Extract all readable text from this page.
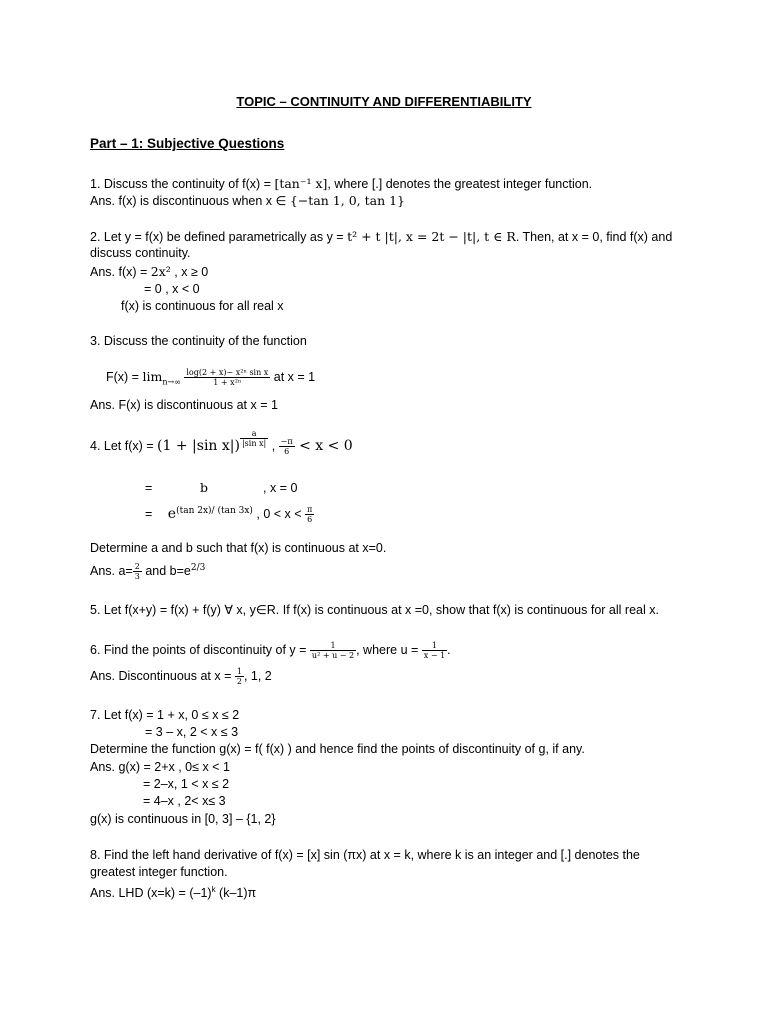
TOPIC – CONTINUITY AND DIFFERENTIABILITY
Part – 1: Subjective Questions
1. Discuss the continuity of f(x) = [tan⁻¹ x], where [.] denotes the greatest integer function.
Ans. f(x) is discontinuous when x ∈ {−tan 1, 0, tan 1}
2. Let y = f(x) be defined parametrically as y = t² + t |t|, x = 2t − |t|, t ∈ R. Then, at x = 0, find f(x) and
discuss continuity.
Ans. f(x) = 2x² , x ≥ 0
= 0 , x < 0
f(x) is continuous for all real x
3. Discuss the continuity of the function
$F(x) = \lim_{n\to\infty} \frac{\text{log(2 + x)− x²ⁿ sin x}}{\text{1 + x²ⁿ}}$ at x = 1
Ans. F(x) is discontinuous at x = 1
4. Let f(x) = (1 + |sin $x|) \frac{a}{\text{|sin x|}}$ , $\frac{-\pi}{6} < x < 0$
=	b	, x = 0
= $e^{(tan 2x)/ (tan 3x)}$ , $0 < x < \frac{\pi}{6}$
Determine a and b such that f(x) is continuous at x=0.
Ans. $a= \frac{2}{3}$ and $b=e^{2/3}$
5. Let f(x+y) = f(x) + f(y) ∀ x, y∈R. If f(x) is continuous at x =0, show that f(x) is continuous for all real x.
6. Find the points of discontinuity of $y = \frac{1}{\text{u² + u − 2}}$ , where $u = \frac{1}{x - 1}$ .
Ans. Discontinuous at $x = \frac{1}{2}$ , 1, 2
7. Let f(x) = 1 + x, 0 ≤ x ≤ 2
= 3 – x, 2 < x ≤ 3
Determine the function g(x) = f( f(x) ) and hence find the points of discontinuity of g, if any.
Ans. g(x) = 2+x , 0≤ x < 1
= 2–x, 1 < x ≤ 2
= 4–x , 2< x≤ 3
g(x) is continuous in [0, 3] – {1, 2}
8. Find the left hand derivative of f(x) = [x] sin (πx) at x = k, where k is an integer and [.] denotes the
greatest integer function.
Ans. LHD $(x=k) = (-1)^k$ (k–1)π
